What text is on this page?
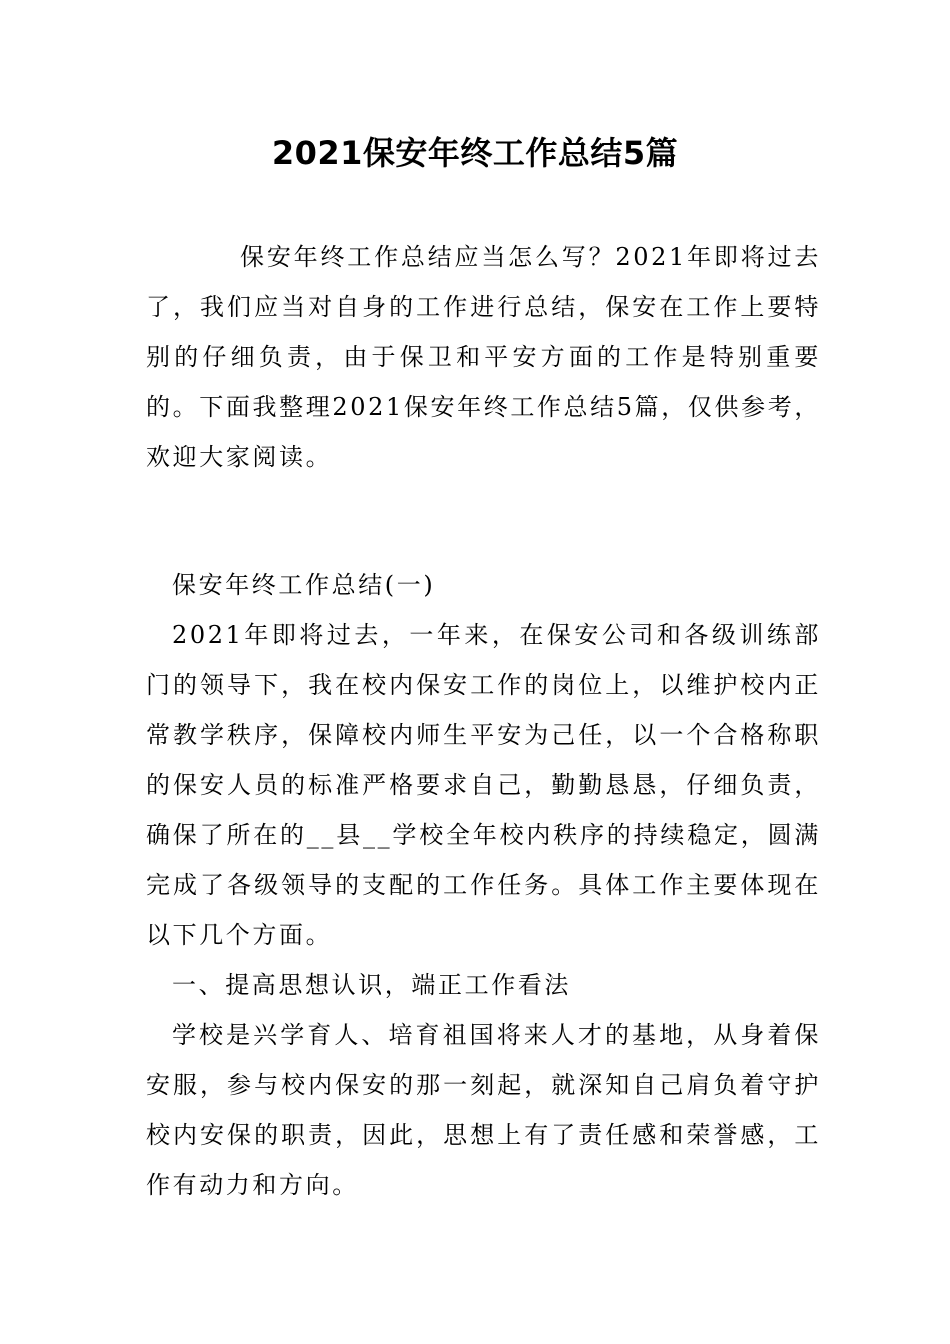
2021保安年终工作总结5篇

保安年终工作总结应当怎么写？2021年即将过去了，我们应当对自身的工作进行总结，保安在工作上要特别的仔细负责，由于保卫和平安方面的工作是特别重要的。下面我整理2021保安年终工作总结5篇，仅供参考，欢迎大家阅读。

保安年终工作总结(一)

2021年即将过去，一年来，在保安公司和各级训练部门的领导下，我在校内保安工作的岗位上，以维护校内正常教学秩序，保障校内师生平安为己任，以一个合格称职的保安人员的标准严格要求自己，勤勤恳恳，仔细负责，确保了所在的__县__学校全年校内秩序的持续稳定，圆满完成了各级领导的支配的工作任务。具体工作主要体现在以下几个方面。

一、提高思想认识，端正工作看法

学校是兴学育人、培育祖国将来人才的基地，从身着保安服，参与校内保安的那一刻起，就深知自己肩负着守护校内安保的职责，因此，思想上有了责任感和荣誉感，工作有动力和方向。
